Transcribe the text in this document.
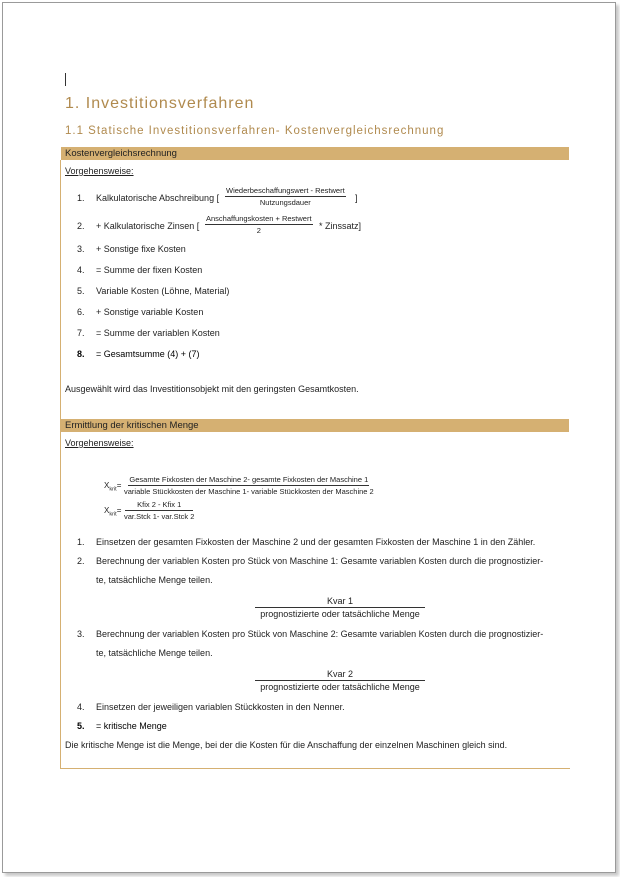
1. Investitionsverfahren
1.1 Statische Investitionsverfahren- Kostenvergleichsrechnung
Kostenvergleichsrechnung
Vorgehensweise:
1. Kalkulatorische Abschreibung [
Wiederbeschaffungswert - Restwert
Nutzungsdauer	]
2. + Kalkulatorische Zinsen [
Anschaffungskosten + Restwert
2	* Zinssatz]
3. + Sonstige fixe Kosten
4. = Summe der fixen Kosten
5. Variable Kosten (Löhne, Material)
6. + Sonstige variable Kosten
7. = Summe der variablen Kosten
8. = Gesamtsumme (4) + (7)
Ausgewählt wird das Investitionsobjekt mit den geringsten Gesamtkosten.
Ermittlung der kritischen Menge
Vorgehensweise:
$X_{krit}=$
Gesamte Fixkosten der Maschine 2- gesamte Fixkosten der Maschine 1
variable Stückkosten der Maschine 1- variable Stückkosten der Maschine 2
$X_{krit}=$
Kfix 2 - Kfix 1
var.Stck 1- var.Stck 2
1. Einsetzen der gesamten Fixkosten der Maschine 2 und der gesamten Fixkosten der Maschine 1 in den Zähler.
2. Berechnung der variablen Kosten pro Stück von Maschine 1: Gesamte variablen Kosten durch die prognostizier-
te, tatsächliche Menge teilen.
Kvar 1
prognostizierte oder tatsächliche Menge
3. Berechnung der variablen Kosten pro Stück von Maschine 2: Gesamte variablen Kosten durch die prognostizier-
te, tatsächliche Menge teilen.
Kvar 2
prognostizierte oder tatsächliche Menge
4. Einsetzen der jeweiligen variablen Stückkosten in den Nenner.
5. = kritische Menge
Die kritische Menge ist die Menge, bei der die Kosten für die Anschaffung der einzelnen Maschinen gleich sind.
